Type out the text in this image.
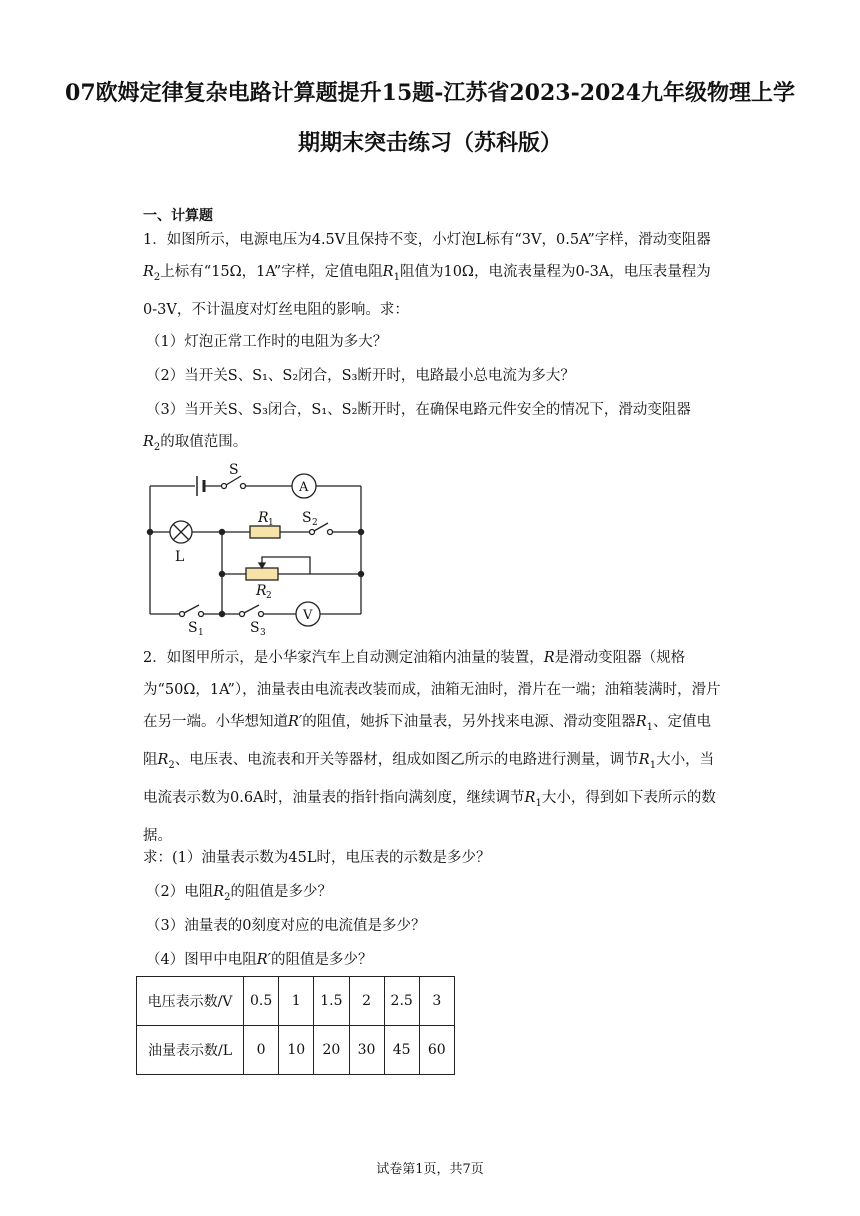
07欧姆定律复杂电路计算题提升15题-江苏省2023-2024九年级物理上学期期末突击练习（苏科版）
一、计算题
1．如图所示，电源电压为4.5V且保持不变，小灯泡L标有“3V，0.5A”字样，滑动变阻器$R_2$上标有“15Ω，1A”字样，定值电阻$R_1$阻值为10Ω，电流表量程为0-3A，电压表量程为0-3V，不计温度对灯丝电阻的影响。求：
（1）灯泡正常工作时的电阻为多大？
（2）当开关S、S₁、S₂闭合，S₃断开时，电路最小总电流为多大？
（3）当开关S、S₃闭合，S₁、S₂断开时，在确保电路元件安全的情况下，滑动变阻器
$R_2$的取值范围。
S
A
R 1 S 2
L
R 2
V
S 1	S 3
2．如图甲所示，是小华家汽车上自动测定油箱内油量的装置，R是滑动变阻器（规格为“50Ω，1A”），油量表由电流表改装而成，油箱无油时，滑片在一端；油箱装满时，滑片在另一端。小华想知道R′的阻值，她拆下油量表，另外找来电源、滑动变阻器$R_1$、定值电阻$R_2$、电压表、电流表和开关等器材，组成如图乙所示的电路进行测量，调节$R_1$大小，当电流表示数为0.6A时，油量表的指针指向满刻度，继续调节$R_1$大小，得到如下表所示的数据。
求：(1）油量表示数为45L时，电压表的示数是多少？
（2）电阻$R_2$的阻值是多少？
（3）油量表的0刻度对应的电流值是多少？
（4）图甲中电阻R′的阻值是多少？
电压表示数/V	0.5	1	1.5	2	2.5	3
油量表示数/L	0	10	20	30	45	60
试卷第1页，共7页
